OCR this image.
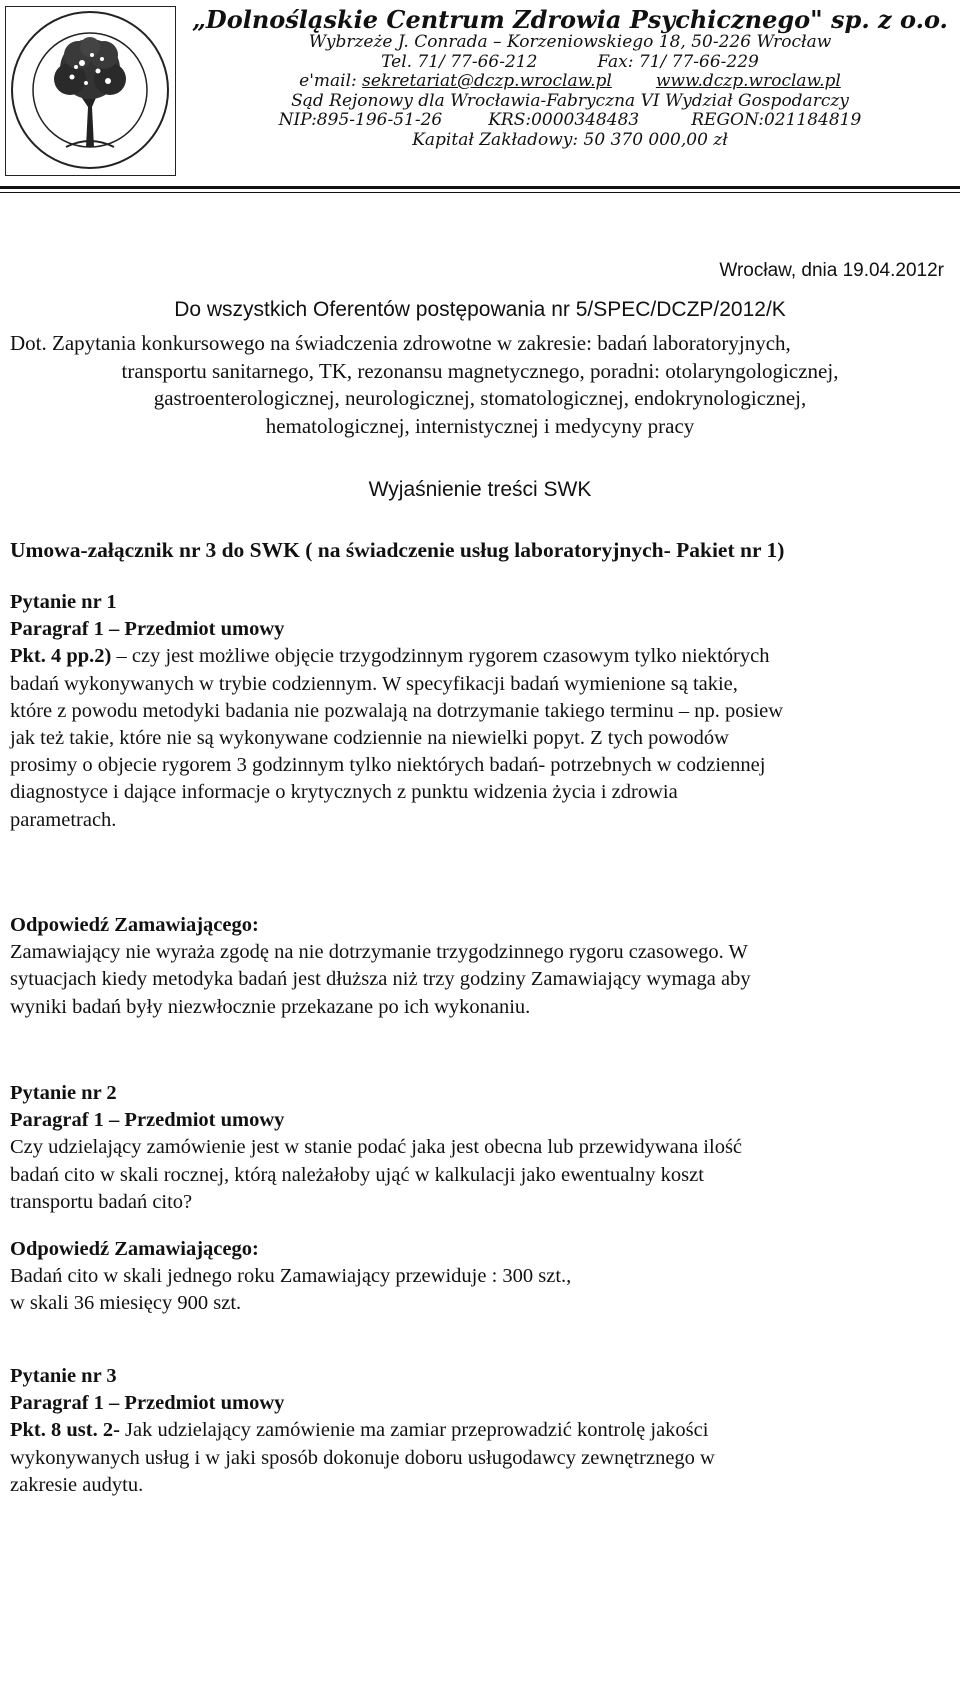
„Dolnośląskie Centrum Zdrowia Psychicznego" sp. z o.o.
Wybrzeże J. Conrada – Korzeniowskiego 18, 50-226 Wrocław
Tel. 71/ 77-66-212	Fax: 71/ 77-66-229
e'mail: sekretariat@dczp.wroclaw.pl	www.dczp.wroclaw.pl
Sąd Rejonowy dla Wrocławia-Fabryczna VI Wydział Gospodarczy
NIP:895-196-51-26	KRS:0000348483	REGON:021184819
Kapitał Zakładowy: 50 370 000,00 zł
Wrocław, dnia 19.04.2012r
Do wszystkich Oferentów postępowania nr 5/SPEC/DCZP/2012/K
Dot. Zapytania konkursowego na świadczenia zdrowotne w zakresie: badań laboratoryjnych,
transportu sanitarnego, TK, rezonansu magnetycznego, poradni: otolaryngologicznej,
gastroenterologicznej, neurologicznej, stomatologicznej, endokrynologicznej,
hematologicznej, internistycznej i medycyny pracy
Wyjaśnienie treści SWK
Umowa-załącznik nr 3 do SWK ( na świadczenie usług laboratoryjnych- Pakiet nr 1)
Pytanie nr 1
Paragraf 1 – Przedmiot umowy
Pkt. 4 pp.2) – czy jest możliwe objęcie trzygodzinnym rygorem czasowym tylko niektórych
badań wykonywanych w trybie codziennym. W specyfikacji badań wymienione są takie,
które z powodu metodyki badania nie pozwalają na dotrzymanie takiego terminu – np. posiew
jak też takie, które nie są wykonywane codziennie na niewielki popyt. Z tych powodów
prosimy o objecie rygorem 3 godzinnym tylko niektórych badań- potrzebnych w codziennej
diagnostyce i dające informacje o krytycznych z punktu widzenia życia i zdrowia
parametrach.
Odpowiedź Zamawiającego:
Zamawiający nie wyraża zgodę na nie dotrzymanie trzygodzinnego rygoru czasowego. W
sytuacjach kiedy metodyka badań jest dłuższa niż trzy godziny Zamawiający wymaga aby
wyniki badań były niezwłocznie przekazane po ich wykonaniu.
Pytanie nr 2
Paragraf 1 – Przedmiot umowy
Czy udzielający zamówienie jest w stanie podać jaka jest obecna lub przewidywana ilość
badań cito w skali rocznej, którą należałoby ująć w kalkulacji jako ewentualny koszt
transportu badań cito?
Odpowiedź Zamawiającego:
Badań cito w skali jednego roku Zamawiający przewiduje : 300 szt.,
w skali 36 miesięcy 900 szt.
Pytanie nr 3
Paragraf 1 – Przedmiot umowy
Pkt. 8 ust. 2- Jak udzielający zamówienie ma zamiar przeprowadzić kontrolę jakości
wykonywanych usług i w jaki sposób dokonuje doboru usługodawcy zewnętrznego w
zakresie audytu.
